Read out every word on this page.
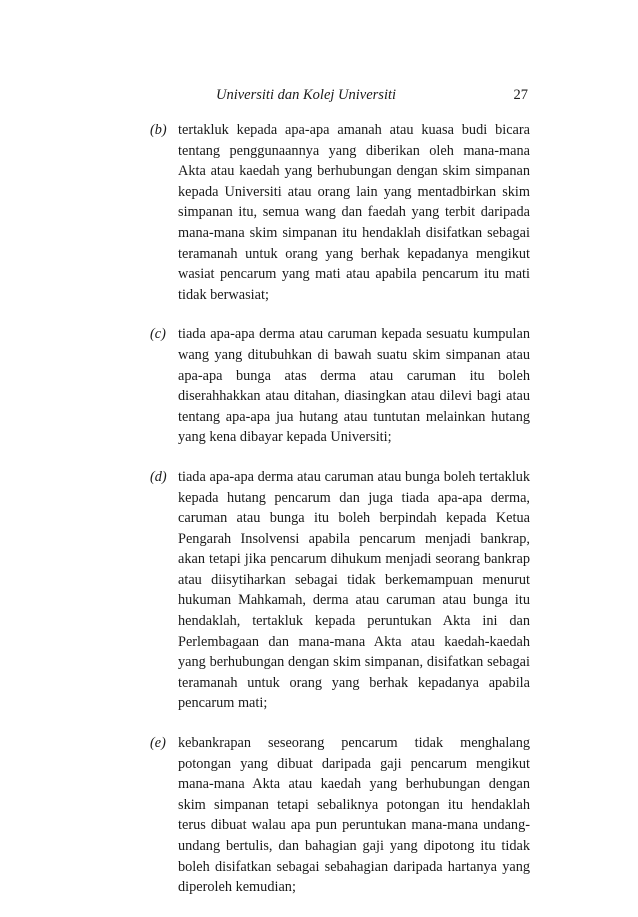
Universiti dan Kolej Universiti	27
(b) tertakluk kepada apa-apa amanah atau kuasa budi bicara tentang penggunaannya yang diberikan oleh mana-mana Akta atau kaedah yang berhubungan dengan skim simpanan kepada Universiti atau orang lain yang mentadbirkan skim simpanan itu, semua wang dan faedah yang terbit daripada mana-mana skim simpanan itu hendaklah disifatkan sebagai teramanah untuk orang yang berhak kepadanya mengikut wasiat pencarum yang mati atau apabila pencarum itu mati tidak berwasiat;
(c) tiada apa-apa derma atau caruman kepada sesuatu kumpulan wang yang ditubuhkan di bawah suatu skim simpanan atau apa-apa bunga atas derma atau caruman itu boleh diserahhakkan atau ditahan, diasingkan atau dilevi bagi atau tentang apa-apa jua hutang atau tuntutan melainkan hutang yang kena dibayar kepada Universiti;
(d) tiada apa-apa derma atau caruman atau bunga boleh tertakluk kepada hutang pencarum dan juga tiada apa-apa derma, caruman atau bunga itu boleh berpindah kepada Ketua Pengarah Insolvensi apabila pencarum menjadi bankrap, akan tetapi jika pencarum dihukum menjadi seorang bankrap atau diisytiharkan sebagai tidak berkemampuan menurut hukuman Mahkamah, derma atau caruman atau bunga itu hendaklah, tertakluk kepada peruntukan Akta ini dan Perlembagaan dan mana-mana Akta atau kaedah-kaedah yang berhubungan dengan skim simpanan, disifatkan sebagai teramanah untuk orang yang berhak kepadanya apabila pencarum mati;
(e) kebankrapan seseorang pencarum tidak menghalang potongan yang dibuat daripada gaji pencarum mengikut mana-mana Akta atau kaedah yang berhubungan dengan skim simpanan tetapi sebaliknya potongan itu hendaklah terus dibuat walau apa pun peruntukan mana-mana undang-undang bertulis, dan bahagian gaji yang dipotong itu tidak boleh disifatkan sebagai sebahagian daripada hartanya yang diperoleh kemudian;
